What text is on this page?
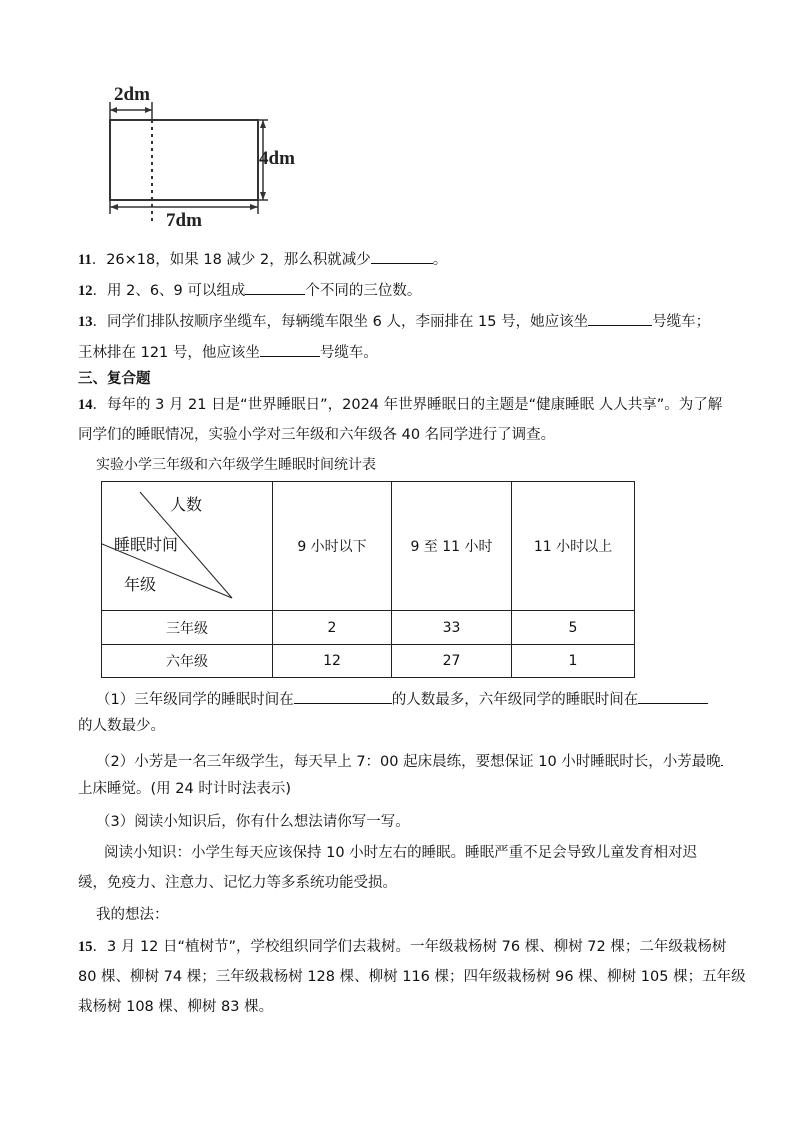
2dm
4dm
7dm
11．26×18，如果 18 减少 2，那么积就减少	。
12．用 2、6、9 可以组成	个不同的三位数。
13．同学们排队按顺序坐缆车，每辆缆车限坐 6 人，李丽排在 15 号，她应该坐	号缆车；
王林排在 121 号，他应该坐	号缆车。
三、复合题
14．每年的 3 月 21 日是“世界睡眠日”，2024 年世界睡眠日的主题是“健康睡眠 人人共享”。为了解
同学们的睡眠情况，实验小学对三年级和六年级各 40 名同学进行了调查。
实验小学三年级和六年级学生睡眠时间统计表
人数
睡眠时间
年级
9 小时以下	9 至 11 小时	11 小时以上
三年级	2	33	5
六年级	12	27	1
（1）三年级同学的睡眠时间在	的人数最多，六年级同学的睡眠时间在
的人数最少。
（2）小芳是一名三年级学生，每天早上 7：00 起床晨练，要想保证 10 小时睡眠时长，小芳最晚
上床睡觉。(用 24 时计时法表示)
（3）阅读小知识后，你有什么想法请你写一写。
阅读小知识：小学生每天应该保持 10 小时左右的睡眠。睡眠严重不足会导致儿童发育相对迟
缓，免疫力、注意力、记忆力等多系统功能受损。
我的想法：
15．3 月 12 日“植树节”，学校组织同学们去栽树。一年级栽杨树 76 棵、柳树 72 棵；二年级栽杨树
80 棵、柳树 74 棵；三年级栽杨树 128 棵、柳树 116 棵；四年级栽杨树 96 棵、柳树 105 棵；五年级
栽杨树 108 棵、柳树 83 棵。
